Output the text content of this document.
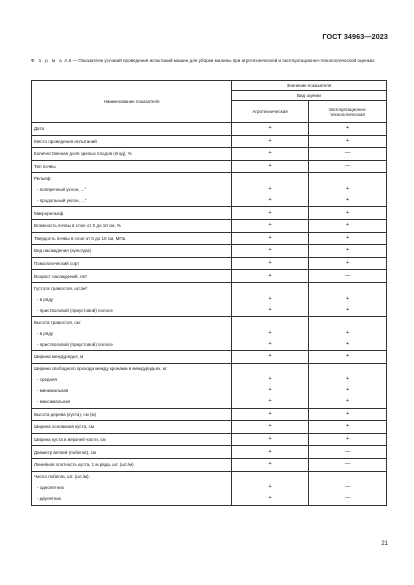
ГОСТ 34963—2023
Ф о р м а А.5 — Показатели условий проведения испытаний машин для уборки малины при агротехнической и эксплуатационно-технологической оценках
Наименование показателя	Значение показателя	
	Вид оценки	
	Агротехническая	Эксплуатационно-технологическая
Дата	+	+
Место проведения испытаний	+	+
Количественная доля зрелых плодов (ягод), %	+	—
Тип почвы	+	—
Рельеф:		
- поперечный уклон, ...°	+	+
- продольный уклон, ...°	+	+
Микрорельеф	+	+
Влажность почвы в слое от 0 до 10 см, %	+	+
Твердость почвы в слое от 0 до 10 см, МПа	+	+
Вид насаждения (культура)	+	+
Помологический сорт	+	+
Возраст насаждений, лет	+	—
Густота травостоя, шт./м²:		
- в ряду	+	+
- пристволовой (приустовой) полосе	+	+
Высота травостоя, см:		
- в ряду	+	+
- пристволовой (приустовой) полосе	+	+
Ширина междурядья, м	+	+
Ширина свободного прохода между кронами в междурядьях, м:		
- средняя	+	+
- минимальная	+	+
- максимальная	+	+
Высота дерева (куста), см (м)	+	+
Ширина основания куста, см	+	+
Ширина куста в верхней части, см	+	+
Диаметр ветвей (побегов), см	+	—
Линейная плотность куста, 1 м ряда, шт. (шт./м)	+	—
Число побегов, шт. (шт./м):		
- однолетних	+	—
- двулетних	+	—
21
